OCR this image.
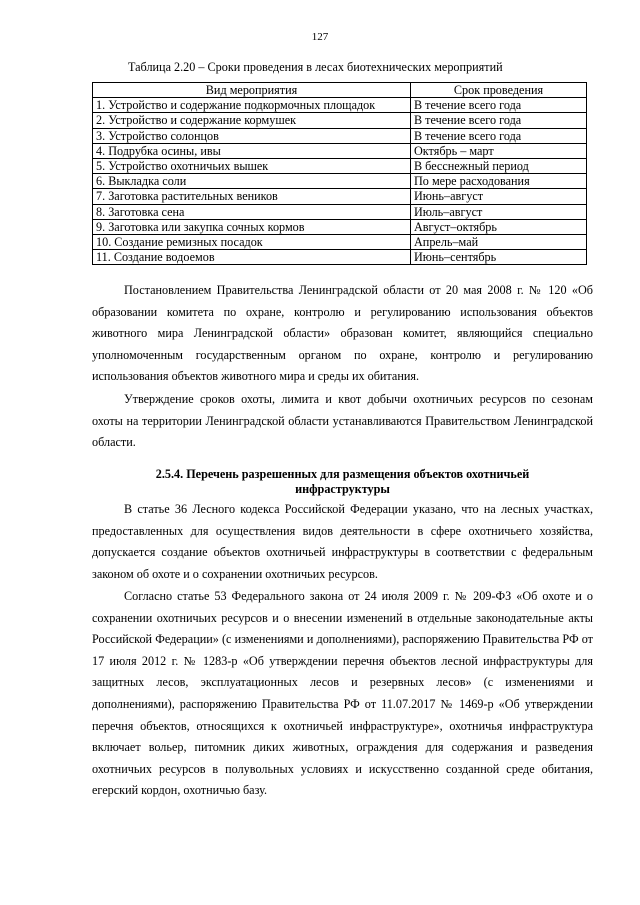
127
Таблица 2.20 – Сроки проведения в лесах биотехнических мероприятий
Вид мероприятия	Срок проведения
1. Устройство и содержание подкормочных площадок	В течение всего года
2. Устройство и содержание кормушек	В течение всего года
3. Устройство солонцов	В течение всего года
4. Подрубка осины, ивы	Октябрь – март
5. Устройство охотничьих вышек	В бесснежный период
6. Выкладка соли	По мере расходования
7. Заготовка растительных веников	Июнь–август
8. Заготовка сена	Июль–август
9. Заготовка или закупка сочных кормов	Август–октябрь
10. Создание ремизных посадок	Апрель–май
11. Создание водоемов	Июнь–сентябрь

Постановлением Правительства Ленинградской области от 20 мая 2008 г. № 120 «Об образовании комитета по охране, контролю и регулированию использования объектов животного мира Ленинградской области» образован комитет, являющийся специально уполномоченным государственным органом по охране, контролю и регулированию использования объектов животного мира и среды их обитания.

Утверждение сроков охоты, лимита и квот добычи охотничьих ресурсов по сезонам охоты на территории Ленинградской области устанавливаются Правительством Ленинградской области.

2.5.4. Перечень разрешенных для размещения объектов охотничьей
инфраструктуры

В статье 36 Лесного кодекса Российской Федерации указано, что на лесных участках, предоставленных для осуществления видов деятельности в сфере охотничьего хозяйства, допускается создание объектов охотничьей инфраструктуры в соответствии с федеральным законом об охоте и о сохранении охотничьих ресурсов.

Согласно статье 53 Федерального закона от 24 июля 2009 г. № 209-ФЗ «Об охоте и о сохранении охотничьих ресурсов и о внесении изменений в отдельные законодательные акты Российской Федерации» (с изменениями и дополнениями), распоряжению Правительства РФ от 17 июля 2012 г. № 1283-р «Об утверждении перечня объектов лесной инфраструктуры для защитных лесов, эксплуатационных лесов и резервных лесов» (с изменениями и дополнениями), распоряжению Правительства РФ от 11.07.2017 № 1469-р «Об утверждении перечня объектов, относящихся к охотничьей инфраструктуре», охотничья инфраструктура включает вольер, питомник диких животных, ограждения для содержания и разведения охотничьих ресурсов в полувольных условиях и искусственно созданной среде обитания, егерский кордон, охотничью базу.
